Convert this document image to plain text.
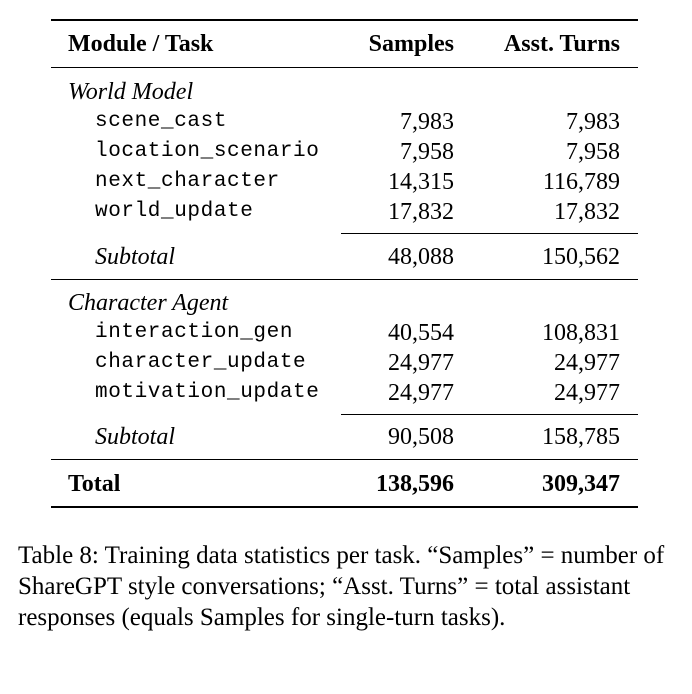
Module / Task	Samples	Asst. Turns
World Model
scene_cast	7,983	7,983
location_scenario	7,958	7,958
next_character	14,315	116,789
world_update	17,832	17,832
Subtotal	48,088	150,562
Character Agent
interaction_gen	40,554	108,831
character_update	24,977	24,977
motivation_update	24,977	24,977
Subtotal	90,508	158,785
Total	138,596	309,347
Table 8: Training data statistics per task. “Samples” = number of ShareGPT style conversations; “Asst. Turns” = total assistant responses (equals Samples for single-turn tasks).
